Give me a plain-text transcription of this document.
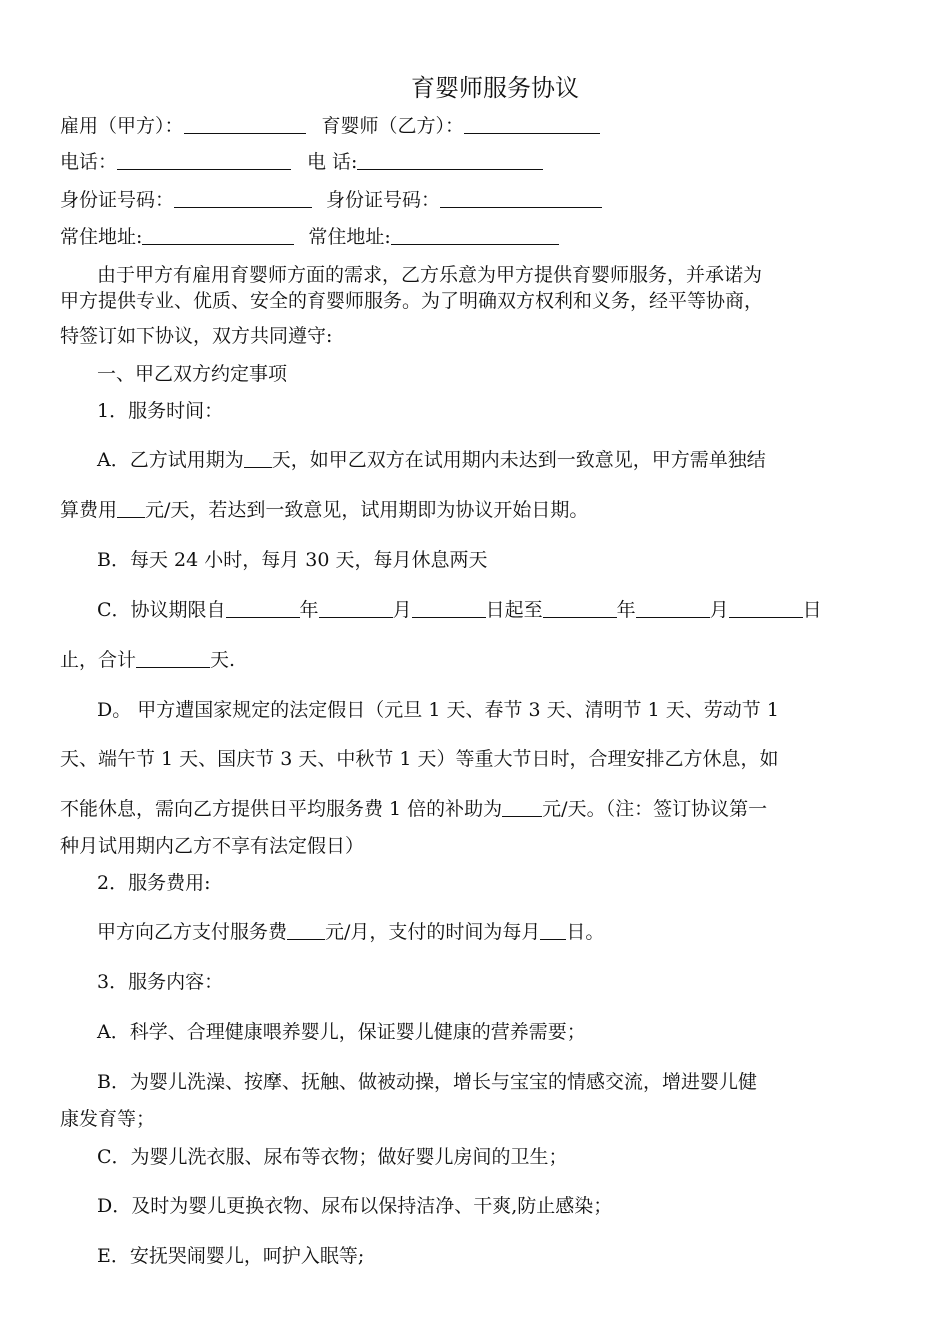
育婴师服务协议
雇用（甲方）：	育婴师（乙方）：
电话：	电 话:
身份证号码：	身份证号码：
常住地址:	常住地址:
由于甲方有雇用育婴师方面的需求，乙方乐意为甲方提供育婴师服务，并承诺为
甲方提供专业、优质、安全的育婴师服务。为了明确双方权利和义务，经平等协商，
特签订如下协议，双方共同遵守:
一、甲乙双方约定事项
1．服务时间：
A．乙方试用期为 天，如甲乙双方在试用期内未达到一致意见，甲方需单独结
算费用 元/天，若达到一致意见，试用期即为协议开始日期。
B．每天 24 小时，每月 30 天，每月休息两天
C．协议期限自	年	月	日起至	年	月	日
止，合计	天.
D。 甲方遭国家规定的法定假日（元旦 1 天、春节 3 天、清明节 1 天、劳动节 1
天、端午节 1 天、国庆节 3 天、中秋节 1 天）等重大节日时，合理安排乙方休息，如
不能休息，需向乙方提供日平均服务费 1 倍的补助为 元/天。（注：签订协议第一
种月试用期内乙方不享有法定假日）
2．服务费用:
甲方向乙方支付服务费 元/月，支付的时间为每月 日。
3．服务内容：
A．科学、合理健康喂养婴儿，保证婴儿健康的营养需要；
B．为婴儿洗澡、按摩、抚触、做被动操，增长与宝宝的情感交流，增进婴儿健
康发育等；
C．为婴儿洗衣服、尿布等衣物；做好婴儿房间的卫生；
D．及时为婴儿更换衣物、尿布以保持洁净、干爽,防止感染；
E．安抚哭闹婴儿，呵护入眠等;
